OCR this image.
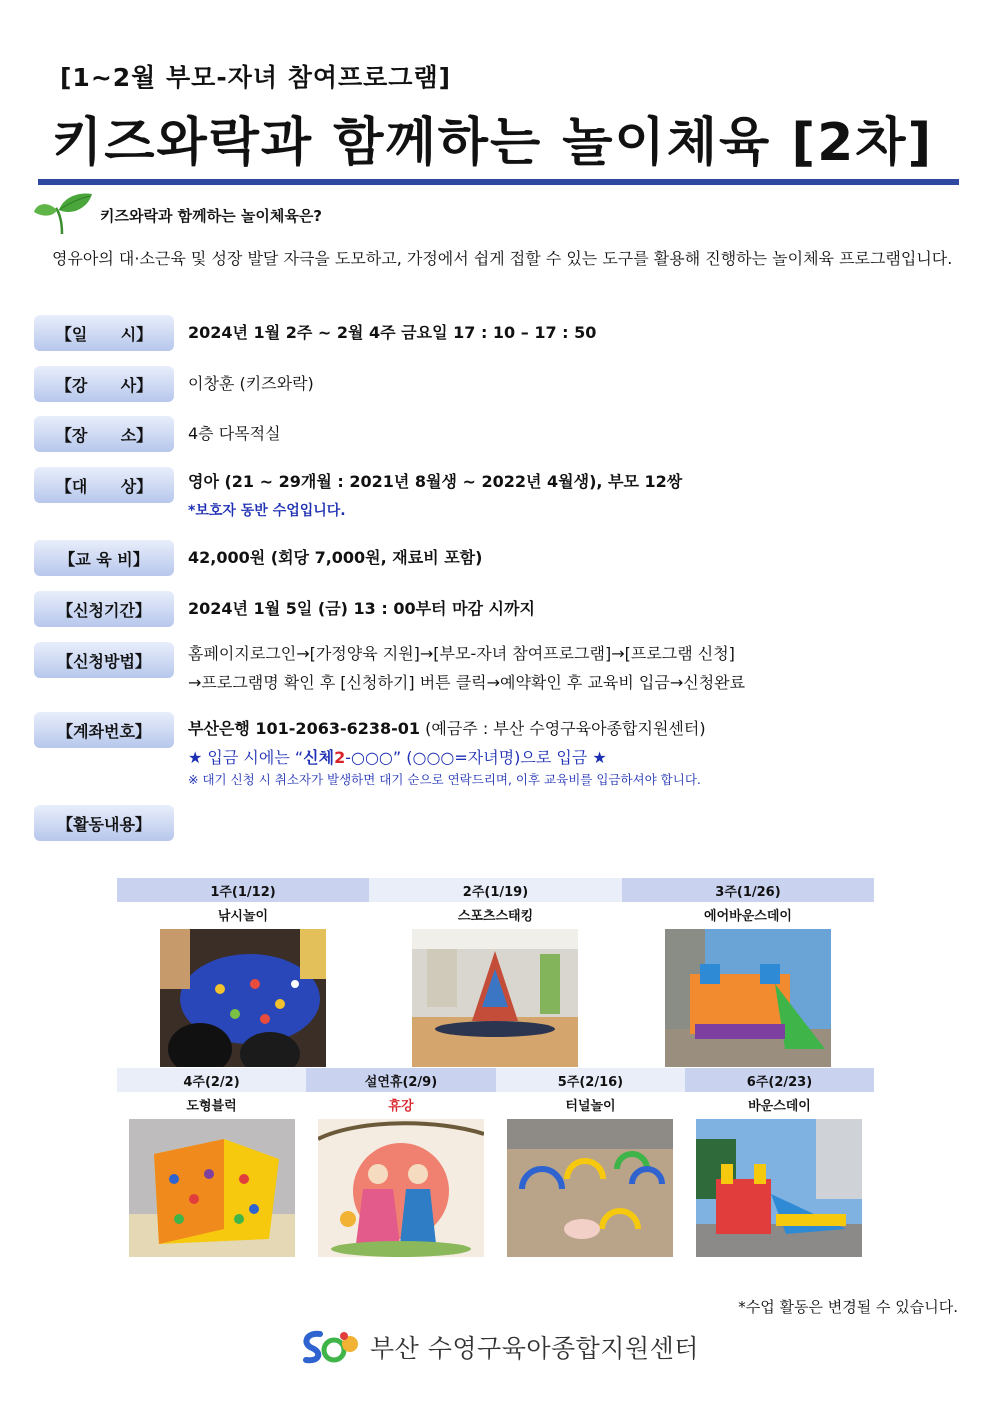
[1~2월 부모-자녀 참여프로그램]
키즈와락과 함께하는 놀이체육 [2차]
키즈와락과 함께하는 놀이체육은?
영유아의 대·소근육 및 성장 발달 자극을 도모하고, 가정에서 쉽게 접할 수 있는 도구를 활용해 진행하는 놀이체육 프로그램입니다.
【일      시】	2024년 1월 2주 ~ 2월 4주 금요일 17 : 10 – 17 : 50
【강      사】	이창훈 (키즈와락)
【장      소】	4층 다목적실
【대      상】	영아 (21 ~ 29개월 : 2021년 8월생 ~ 2022년 4월생), 부모 12쌍
*보호자 동반 수업입니다.
【교 육 비】	42,000원 (회당 7,000원, 재료비 포함)
【신청기간】	2024년 1월 5일 (금) 13 : 00부터 마감 시까지
【신청방법】	홈페이지로그인→[가정양육 지원]→[부모-자녀 참여프로그램]→[프로그램 신청]
→프로그램명 확인 후 [신청하기] 버튼 클릭→예약확인 후 교육비 입금→신청완료
【계좌번호】	부산은행 101-2063-6238-01 (예금주 : 부산 수영구육아종합지원센터)
★ 입금 시에는 “신체2-○○○” (○○○=자녀명)으로 입금 ★
※ 대기 신청 시 취소자가 발생하면 대기 순으로 연락드리며, 이후 교육비를 입금하셔야 합니다.
【활동내용】
1주(1/12)	2주(1/19)	3주(1/26)
낚시놀이	스포츠스태킹	에어바운스데이

4주(2/2)	설연휴(2/9)	5주(2/16)	6주(2/23)
도형블럭	휴강	터널놀이	바운스데이

*수업 활동은 변경될 수 있습니다.
부산 수영구육아종합지원센터
